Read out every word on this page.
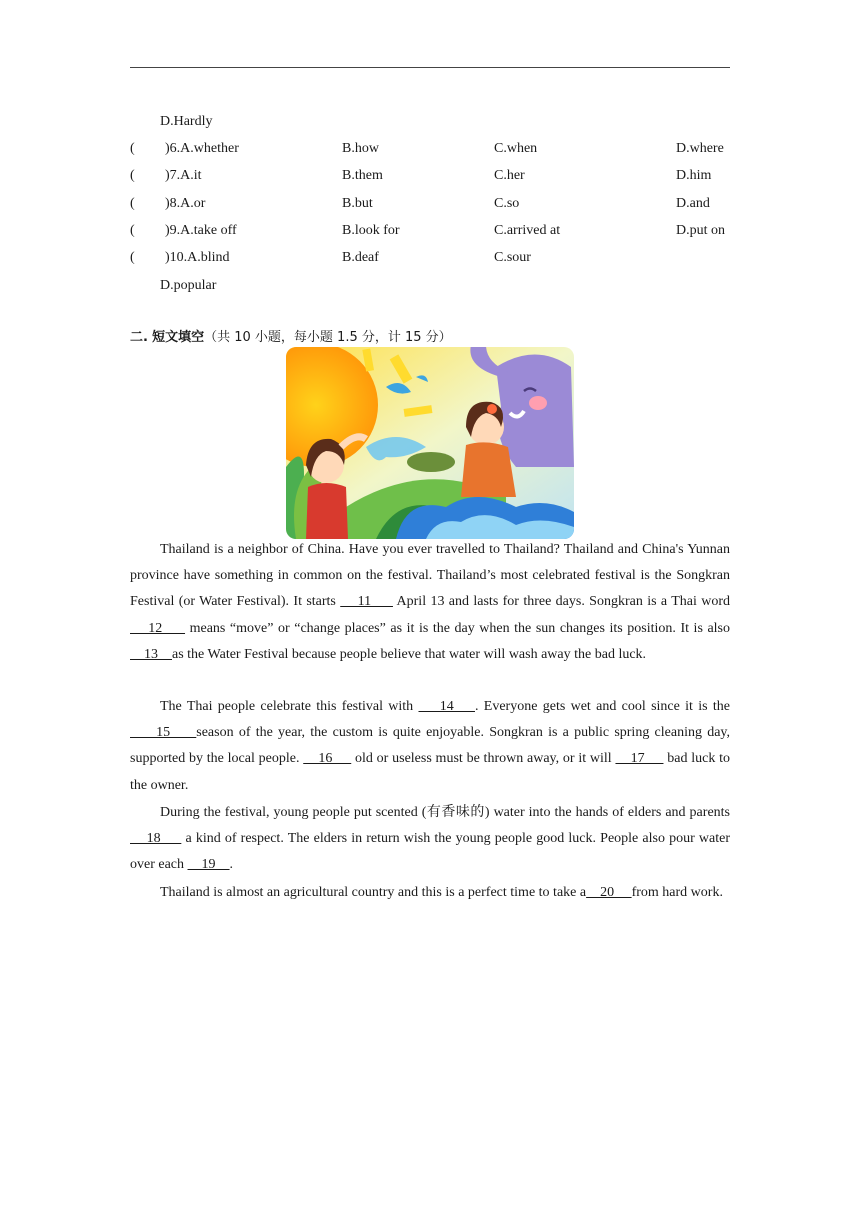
D.Hardly
( )6.A.whether	B.how	C.when	D.where
( )7.A.it	B.them	C.her	D.him
( )8.A.or	B.but	C.so	D.and
( )9.A.take off	B.look for	C.arrived at	D.put on
( )10.A.blind	B.deaf	C.sour
D.popular
二. 短文填空（共 10 小题，每小题 1.5 分，计 15 分）
Thailand is a neighbor of China. Have you ever travelled to Thailand? Thailand and China's Yunnan province have something in common on the festival. Thailand’s most celebrated festival is the Songkran Festival (or Water Festival). It starts     11      April 13 and lasts for three days. Songkran is a Thai word     12      means “move” or “change places” as it is the day when the sun changes its position. It is also    13    as the Water Festival because people believe that water will wash away the bad luck.
The Thai people celebrate this festival with     14    . Everyone gets wet and cool since it is the     15     season of the year, the custom is quite enjoyable. Songkran is a public spring cleaning day, supported by the local people.     16      old or useless must be thrown away, or it will     17      bad luck to the owner.
During the festival, young people put scented (有香味的) water into the hands of elders and parents     18      a kind of respect. The elders in return wish the young people good luck. People also pour water over each     19    .
Thailand is almost an agricultural country and this is a perfect time to take a    20     from hard work.
